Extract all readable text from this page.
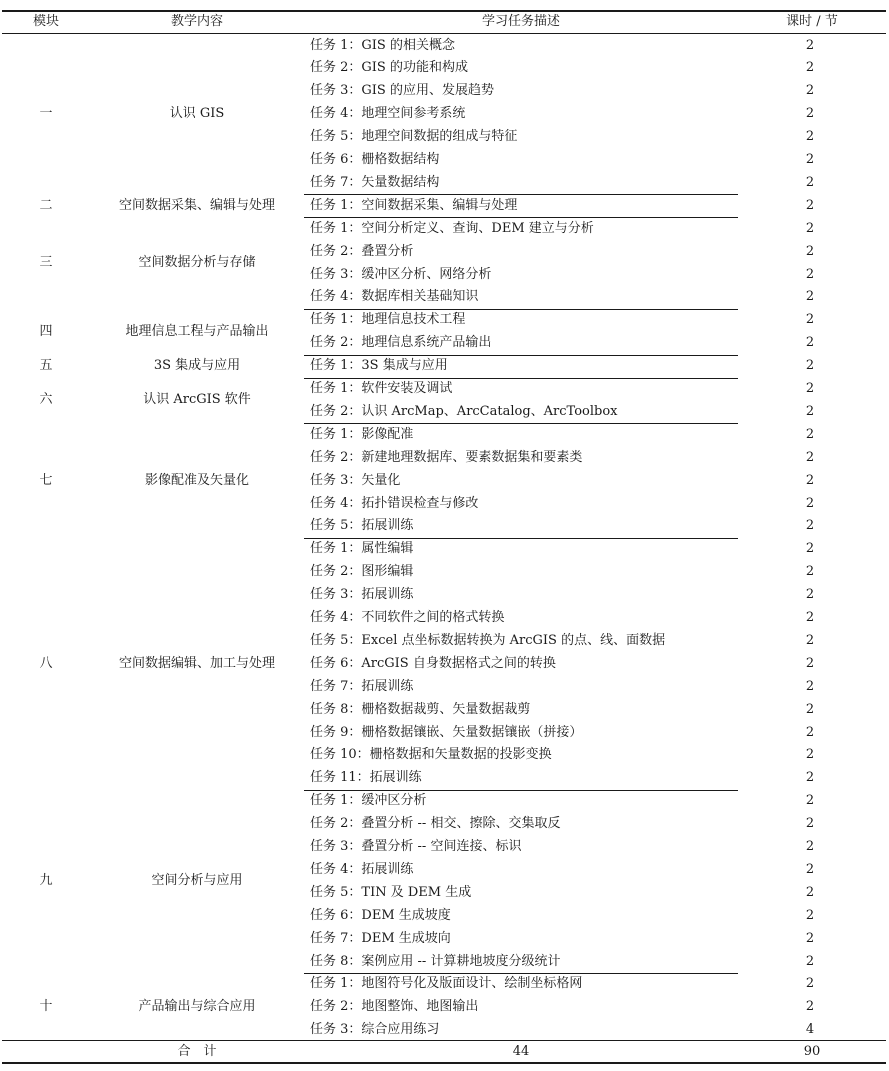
模块	教学内容	学习任务描述	课时 / 节
一	认识 GIS
任务 1：GIS 的相关概念	2
任务 2：GIS 的功能和构成	2
任务 3：GIS 的应用、发展趋势	2
任务 4：地理空间参考系统	2
任务 5：地理空间数据的组成与特征	2
任务 6：栅格数据结构	2
任务 7：矢量数据结构	2
二	空间数据采集、编辑与处理	任务 1：空间数据采集、编辑与处理	2
三	空间数据分析与存储
任务 1：空间分析定义、查询、DEM 建立与分析	2
任务 2：叠置分析	2
任务 3：缓冲区分析、网络分析	2
任务 4：数据库相关基础知识	2
四	地理信息工程与产品输出
任务 1：地理信息技术工程	2
任务 2：地理信息系统产品输出	2
五	3S 集成与应用	任务 1：3S 集成与应用	2
六	认识 ArcGIS 软件
任务 1：软件安装及调试	2
任务 2：认识 ArcMap、ArcCatalog、ArcToolbox	2
七	影像配准及矢量化
任务 1：影像配准	2
任务 2：新建地理数据库、要素数据集和要素类	2
任务 3：矢量化	2
任务 4：拓扑错误检查与修改	2
任务 5：拓展训练	2
八	空间数据编辑、加工与处理
任务 1：属性编辑	2
任务 2：图形编辑	2
任务 3：拓展训练	2
任务 4：不同软件之间的格式转换	2
任务 5：Excel 点坐标数据转换为 ArcGIS 的点、线、面数据	2
任务 6：ArcGIS 自身数据格式之间的转换	2
任务 7：拓展训练	2
任务 8：栅格数据裁剪、矢量数据裁剪	2
任务 9：栅格数据镶嵌、矢量数据镶嵌（拼接）	2
任务 10：栅格数据和矢量数据的投影变换	2
任务 11：拓展训练	2
九	空间分析与应用
任务 1：缓冲区分析	2
任务 2：叠置分析 -- 相交、擦除、交集取反	2
任务 3：叠置分析 -- 空间连接、标识	2
任务 4：拓展训练	2
任务 5：TIN 及 DEM 生成	2
任务 6：DEM 生成坡度	2
任务 7：DEM 生成坡向	2
任务 8：案例应用 -- 计算耕地坡度分级统计	2
十	产品输出与综合应用
任务 1：地图符号化及版面设计、绘制坐标格网	2
任务 2：地图整饰、地图输出	2
任务 3：综合应用练习	4
合　计	44	90
